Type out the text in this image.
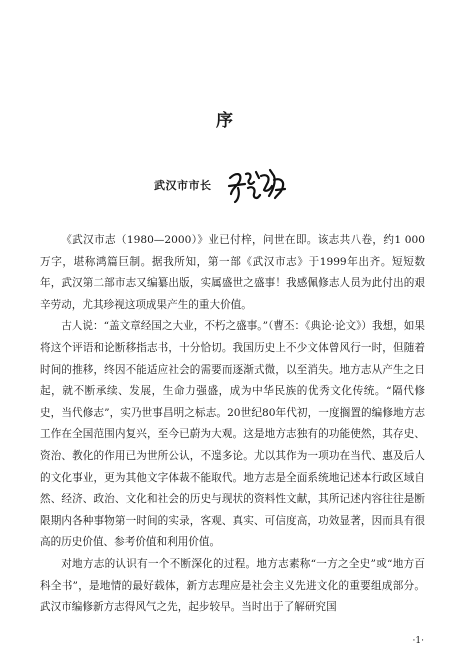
序
武汉市市长

《武汉市志（1980—2000）》业已付梓，问世在即。该志共八卷，约1 000万字，堪称鸿篇巨制。据我所知，第一部《武汉市志》于1999年出齐。短短数年，武汉第二部市志又编纂出版，实属盛世之盛事！我感佩修志人员为此付出的艰辛劳动，尤其珍视这项成果产生的重大价值。

古人说：“盖文章经国之大业，不朽之盛事。”（曹丕：《典论·论文》）我想，如果将这个评语和论断移指志书，十分恰切。我国历史上不少文体曾风行一时，但随着时间的推移，终因不能适应社会的需要而逐渐式微，以至消失。地方志从产生之日起，就不断承续、发展，生命力强盛，成为中华民族的优秀文化传统。“隔代修史，当代修志”，实乃世事昌明之标志。20世纪80年代初，一度搁置的编修地方志工作在全国范围内复兴，至今已蔚为大观。这是地方志独有的功能使然，其存史、资治、教化的作用已为世所公认，不遑多论。尤以其作为一项功在当代、惠及后人的文化事业，更为其他文字体裁不能取代。地方志是全面系统地记述本行政区域自然、经济、政治、文化和社会的历史与现状的资料性文献，其所记述内容往往是断限期内各种事物第一时间的实录，客观、真实、可信度高，功效显著，因而具有很高的历史价值、参考价值和利用价值。

对地方志的认识有一个不断深化的过程。地方志素称“一方之全史”或“地方百科全书”，是地情的最好载体，新方志理应是社会主义先进文化的重要组成部分。武汉市编修新方志得风气之先，起步较早。当时出于了解研究国

·1·
